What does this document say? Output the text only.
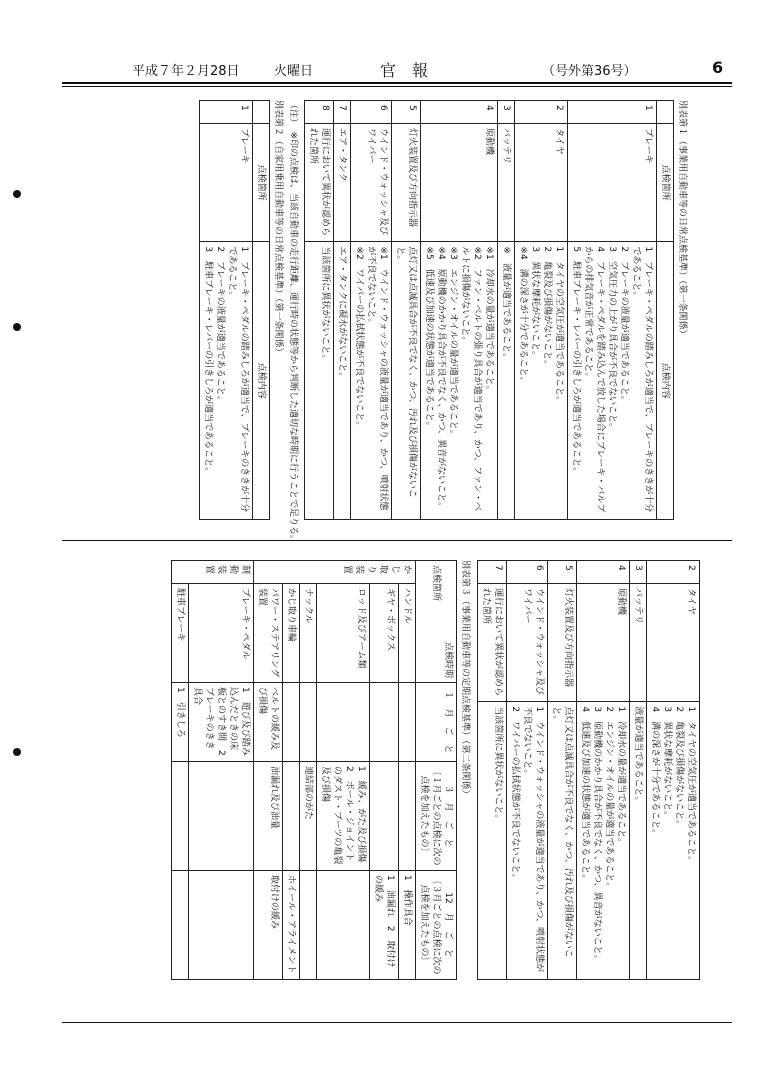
平成７年２月28日	火曜日	官　報	（号外第36号）	6
別表第１（事業用自動車等の日常点検基準）（第一条関係）
	点検箇所	点検内容
1	ブレーキ	1　ブレーキ・ペダルの踏みしろが適当で、ブレーキのききが十分であること。
2　ブレーキの液量が適当であること。
3　空気圧力の上がり具合が不良でないこと。
4　ブレーキ・ペダルを踏み込んで放した場合にブレーキ・バルブからの排気音が正常であること。
5　駐車ブレーキ・レバーの引きしろが適当であること。

2	タイヤ	1　タイヤの空気圧が適当であること。
2　亀裂及び損傷がないこと。
3　異状な摩耗がないこと。
※4　溝の深さが十分であること。

3	バッテリ	※　液量が適当であること。

4	原動機	※1　冷却水の量が適当であること。
※2　ファン・ベルトの張り具合が適当であり、かつ、ファン・ベルトに損傷がないこと。
※3　エンジン・オイルの量が適当であること。
※4　原動機のかかり具合が不良でなく、かつ、異音がないこと。
※5　低速及び加速の状態が適当であること。

5	灯火装置及び方向指示器	点灯又は点滅具合が不良でなく、かつ、汚れ及び損傷がないこと。

6	ウインド・ウォッシャ及びワイパー	※1　ウインド・ウォッシャの液量が適当であり、かつ、噴射状態が不良でないこと。
※2　ワイパーの払拭状態が不良でないこと。

7	エア・タンク	エア・タンクに凝水がないこと。

8	運行において異状が認められた箇所	当該箇所に異状がないこと。
（注）　※印の点検は、当該自動車の走行距離、運行時の状態等から判断した適切な時期に行うことで足りる。
別表第２（自家用乗用自動車等の日常点検基準）（第一条関係）
	点検箇所	点検内容
1	ブレーキ	1　ブレーキ・ペダルの踏みしろが適当で、ブレーキのききが十分であること。
2　ブレーキの液量が適当であること。
3　駐車ブレーキ・レバーの引きしろが適当であること。
2	タイヤ	1　タイヤの空気圧が適当であること。
2　亀裂及び損傷がないこと。
3　異状な摩耗がないこと。
4　溝の深さが十分であること。

3	バッテリ	液量が適当であること。

4	原動機	1　冷却水の量が適当であること。
2　エンジン・オイルの量が適当であること。
3　原動機のかかり具合が不良でなく、かつ、異音がないこと。
4　低速及び加速の状態が適当であること。

5	灯火装置及び方向指示器	点灯又は点滅具合が不良でなく、かつ、汚れ及び損傷がないこと。

6	ウインド・ウォッシャ及びワイパー	1　ウインド・ウォッシャの液量が適当であり、かつ、噴射状態が不良でないこと。
2　ワイパーの払拭状態が不良でないこと。

7	運行において異状が認められた箇所	当該箇所に異状がないこと。
別表第３（事業用自動車等の定期点検基準）（第二条関係）
点検時期
点検箇所		１　月　ご　と	３　月　ご　と
〔１月ごとの点検に次の点検を加えたもの〕	12　月　ご　と
〔３月ごとの点検に次の点検を加えたもの〕

か じ 取 り 装 置	ハンドル			1　操作具合
	ギヤ・ボックス			1　油漏れ　2　取付けの緩み
	ロッド及びアーム類		1　緩み、がた及び損傷　2　ボール・ジョイントのダスト・ブーツの亀裂及び損傷	
	ナックル		連結部のがた	
	かじ取り車輪			ホイール・アライメント
	パワー・ステアリング装置	ベルトの緩み及び損傷	油漏れ及び油量	取付けの緩み
制 動 装 置	ブレーキ・ペダル	1　遊び及び踏み込んだときの床板とのすき間　2　ブレーキのきき具合		
	駐車ブレーキ	1　引きしろ		
